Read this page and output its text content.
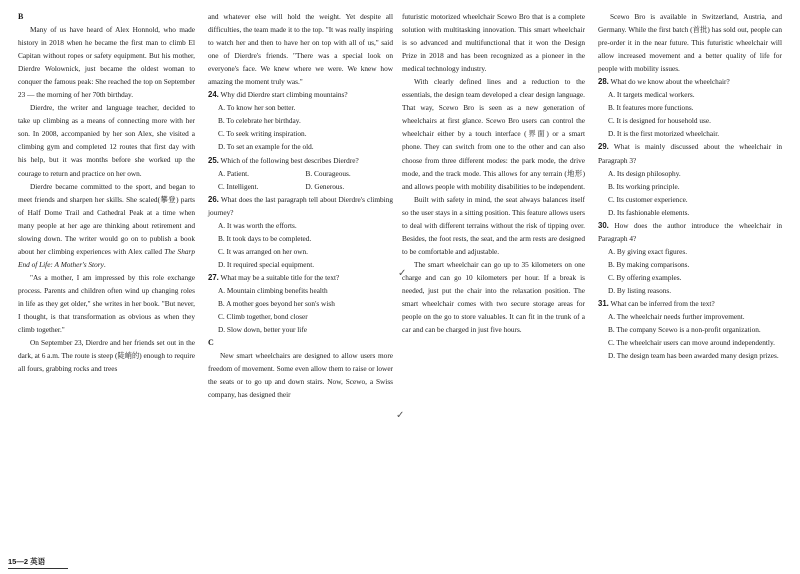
B

Many of us have heard of Alex Honnold, who made history in 2018 when he became the first man to climb El Capitan without ropes or safety equipment. But his mother, Dierdre Wolownick, just became the oldest woman to conquer the famous peak: She reached the top on September 23 — the morning of her 70th birthday.

Dierdre, the writer and language teacher, decided to take up climbing as a means of connecting more with her son. In 2008, accompanied by her son Alex, she visited a climbing gym and completed 12 routes that first day with his help, but it was months before she worked up the courage to return and practice on her own.

Dierdre became committed to the sport, and began to meet friends and sharpen her skills. She scaled(攀登) parts of Half Dome Trail and Cathedral Peak at a time when many people at her age are thinking about retirement and slowing down. The writer would go on to publish a book about her climbing experiences with Alex called The Sharp End of Life: A Mother's Story.

"As a mother, I am impressed by this role exchange process. Parents and children often wind up changing roles in life as they get older," she writes in her book. "But never, I thought, is that transformation as obvious as when they climb together."

On September 23, Dierdre and her friends set out in the dark, at 6 a.m. The route is steep (陡峭的) enough to require all fours, grabbing rocks and trees

and whatever else will hold the weight. Yet despite all difficulties, the team made it to the top. "It was really inspiring to watch her and then to have her on top with all of us," said one of Dierdre's friends. "There was a special look on everyone's face. We knew where we were. We knew how amazing the moment truly was."

24. Why did Dierdre start climbing mountains?

A. To know her son better.

B. To celebrate her birthday.

C. To seek writing inspiration.

D. To set an example for the old.

25. Which of the following best describes Dierdre?

A. Patient.	B. Courageous.
C. Intelligent.	D. Generous.

26. What does the last paragraph tell about Dierdre's climbing journey?

A. It was worth the efforts.

B. It took days to be completed.

C. It was arranged on her own.

D. It required special equipment.

27. What may be a suitable title for the text?

A. Mountain climbing benefits health

B. A mother goes beyond her son's wish

C. Climb together, bond closer

D. Slow down, better your life

C

New smart wheelchairs are designed to allow users more freedom of movement. Some even allow them to raise or lower the seats or to go up and down stairs. Now, Scewo, a Swiss company, has designed their

futuristic motorized wheelchair Scewo Bro that is a complete solution with multitasking innovation. This smart wheelchair is so advanced and multifunctional that it won the Design Prize in 2018 and has been recognized as a pioneer in the medical technology industry.

With clearly defined lines and a reduction to the essentials, the design team developed a clear design language. That way, Scewo Bro is seen as a new generation of wheelchairs at first glance. Scewo Bro users can control the wheelchair either by a touch interface (界面) or a smart phone. They can switch from one to the other and can also choose from three different modes: the park mode, the drive mode, and the track mode. This allows for any terrain (地形) and allows people with mobility disabilities to be independent.

Built with safety in mind, the seat always balances itself so the user stays in a sitting position. This feature allows users to deal with different terrains without the risk of tipping over. Besides, the foot rests, the seat, and the arm rests are designed to be comfortable and adjustable.

The smart wheelchair can go up to 35 kilometers on one charge and can go 10 kilometers per hour. If a break is needed, just put the chair into the relaxation position. The smart wheelchair comes with two secure storage areas for people on the go to store valuables. It can fit in the trunk of a car and can be charged in just five hours.

Scewo Bro is available in Switzerland, Austria, and Germany. While the first batch (首批) has sold out, people can pre-order it in the near future. This futuristic wheelchair will allow increased movement and a better quality of life for people with mobility issues.

28. What do we know about the wheelchair?

A. It targets medical workers.

B. It features more functions.

C. It is designed for household use.

D. It is the first motorized wheelchair.

29. What is mainly discussed about the wheelchair in Paragraph 3?

A. Its design philosophy.

B. Its working principle.

C. Its customer experience.

D. Its fashionable elements.

30. How does the author introduce the wheelchair in Paragraph 4?

A. By giving exact figures.

B. By making comparisons.

C. By offering examples.

D. By listing reasons.

31. What can be inferred from the text?

A. The wheelchair needs further improvement.

B. The company Scewo is a non-profit organization.

C. The wheelchair users can move around independently.

D. The design team has been awarded many design prizes.

✓
✓
15—2 英语
